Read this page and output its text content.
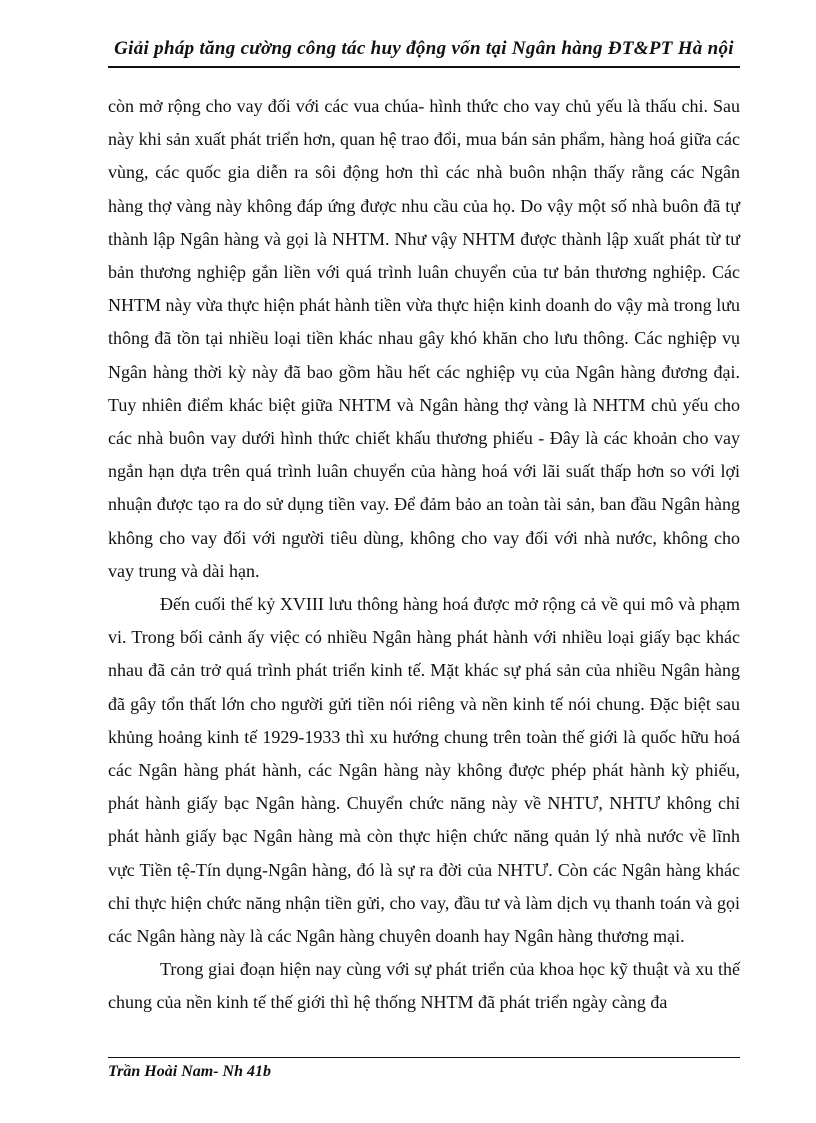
Giải pháp tăng cường công tác huy động vốn tại Ngân hàng ĐT&PT Hà nội

còn mở rộng cho vay đối với các vua chúa- hình thức cho vay chủ yếu là thấu chi. Sau này khi sản xuất phát triển hơn, quan hệ trao đổi, mua bán sản phẩm, hàng hoá giữa các vùng, các quốc gia diễn ra sôi động hơn thì các nhà buôn nhận thấy rằng các Ngân hàng thợ vàng này không đáp ứng được nhu cầu của họ. Do vậy một số nhà buôn đã tự thành lập Ngân hàng và gọi là NHTM. Như vậy NHTM được thành lập xuất phát từ tư bản thương nghiệp gắn liền với quá trình luân chuyển của tư bản thương nghiệp. Các NHTM này vừa thực hiện phát hành tiền vừa thực hiện kinh doanh do vậy mà trong lưu thông đã tồn tại nhiều loại tiền khác nhau gây khó khăn cho lưu thông. Các nghiệp vụ Ngân hàng thời kỳ này đã bao gồm hầu hết các nghiệp vụ của Ngân hàng đương đại. Tuy nhiên điểm khác biệt giữa NHTM và Ngân hàng thợ vàng là NHTM chủ yếu cho các nhà buôn vay dưới hình thức chiết khấu thương phiếu - Đây là các khoản cho vay ngắn hạn dựa trên quá trình luân chuyển của hàng hoá với lãi suất thấp hơn so với lợi nhuận được tạo ra do sử dụng tiền vay. Để đảm bảo an toàn tài sản, ban đầu Ngân hàng không cho vay đối với người tiêu dùng, không cho vay đối với nhà nước, không cho vay trung và dài hạn.

Đến cuối thế kỷ XVIII lưu thông hàng hoá được mở rộng cả về qui mô và phạm vi. Trong bối cảnh ấy việc có nhiều Ngân hàng phát hành với nhiều loại giấy bạc khác nhau đã cản trở quá trình phát triển kinh tế. Mặt khác sự phá sản của nhiều Ngân hàng đã gây tổn thất lớn cho người gửi tiền nói riêng và nền kinh tế nói chung. Đặc biệt sau khủng hoảng kinh tế 1929-1933 thì xu hướng chung trên toàn thế giới là quốc hữu hoá các Ngân hàng phát hành, các Ngân hàng này không được phép phát hành kỳ phiếu, phát hành giấy bạc Ngân hàng. Chuyển chức năng này về NHTƯ, NHTƯ không chỉ phát hành giấy bạc Ngân hàng mà còn thực hiện chức năng quản lý nhà nước về lĩnh vực Tiền tệ-Tín dụng-Ngân hàng, đó là sự ra đời của NHTƯ. Còn các Ngân hàng khác chỉ thực hiện chức năng nhận tiền gửi, cho vay, đầu tư và làm dịch vụ thanh toán và gọi các Ngân hàng này là các Ngân hàng chuyên doanh hay Ngân hàng thương mại.

Trong giai đoạn hiện nay cùng với sự phát triển của khoa học kỹ thuật và xu thế chung của nền kinh tế thế giới thì hệ thống NHTM đã phát triển ngày càng đa

Trần Hoài Nam- Nh 41b
